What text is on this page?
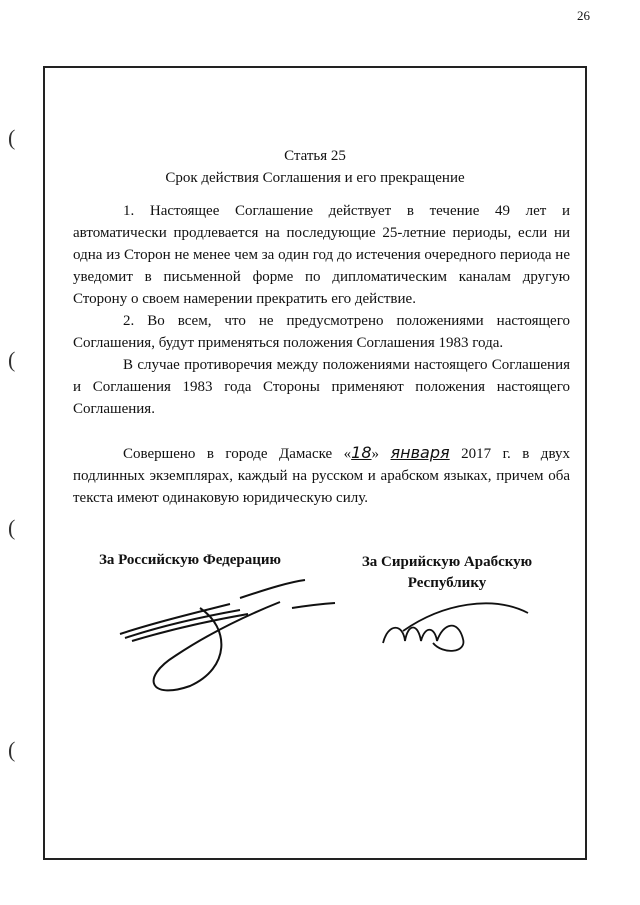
26
(
(
(
(
Статья 25
Срок действия Соглашения и его прекращение

1. Настоящее Соглашение действует в течение 49 лет и автоматически продлевается на последующие 25-летние периоды, если ни одна из Сторон не менее чем за один год до истечения очередного периода не уведомит в письменной форме по дипломатическим каналам другую Сторону о своем намерении прекратить его действие.

2. Во всем, что не предусмотрено положениями настоящего Соглашения, будут применяться положения Соглашения 1983 года.

В случае противоречия между положениями настоящего Соглашения и Соглашения 1983 года Стороны применяют положения настоящего Соглашения.

Совершено в городе Дамаске «18» января 2017 г. в двух подлинных экземплярах, каждый на русском и арабском языках, причем оба текста имеют одинаковую юридическую силу.

За Российскую Федерацию	За Сирийскую Арабскую
Республику
